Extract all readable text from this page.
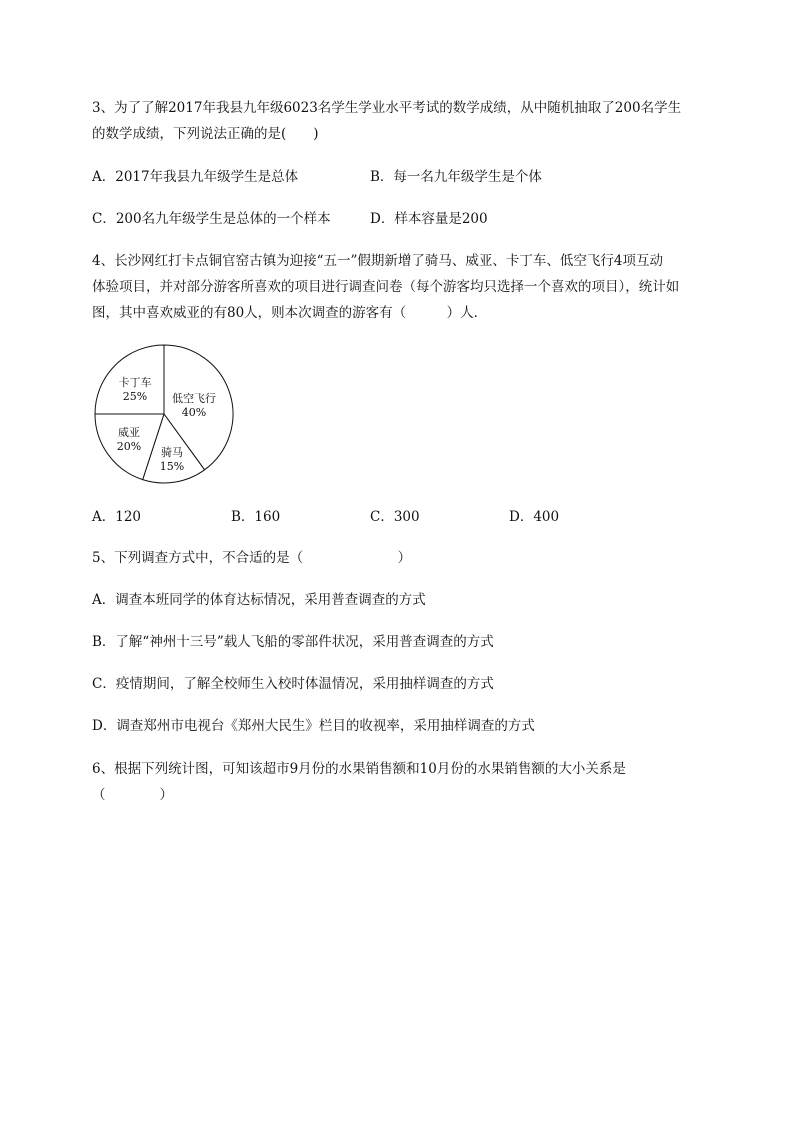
3、为了了解2017年我县九年级6023名学生学业水平考试的数学成绩，从中随机抽取了200名学生
的数学成绩，下列说法正确的是(　　)
A．2017年我县九年级学生是总体	B．每一名九年级学生是个体
C．200名九年级学生是总体的一个样本	D．样本容量是200
4、长沙网红打卡点铜官窑古镇为迎接“五一”假期新增了骑马、威亚、卡丁车、低空飞行4项互动
体验项目，并对部分游客所喜欢的项目进行调查问卷（每个游客均只选择一个喜欢的项目），统计如
图，其中喜欢威亚的有80人，则本次调查的游客有（　　　）人．
低空飞行
40%
骑马
15%
威亚
20%
卡丁车
25%
A．120	B．160	C．300	D．400
5、下列调查方式中，不合适的是（　　　　　　　）
A．调查本班同学的体育达标情况，采用普查调查的方式
B．了解“神州十三号”载人飞船的零部件状况，采用普查调查的方式
C．疫情期间，了解全校师生入校时体温情况，采用抽样调查的方式
D．调查郑州市电视台《郑州大民生》栏目的收视率，采用抽样调查的方式
6、根据下列统计图，可知该超市9月份的水果销售额和10月份的水果销售额的大小关系是
（　　　　）
